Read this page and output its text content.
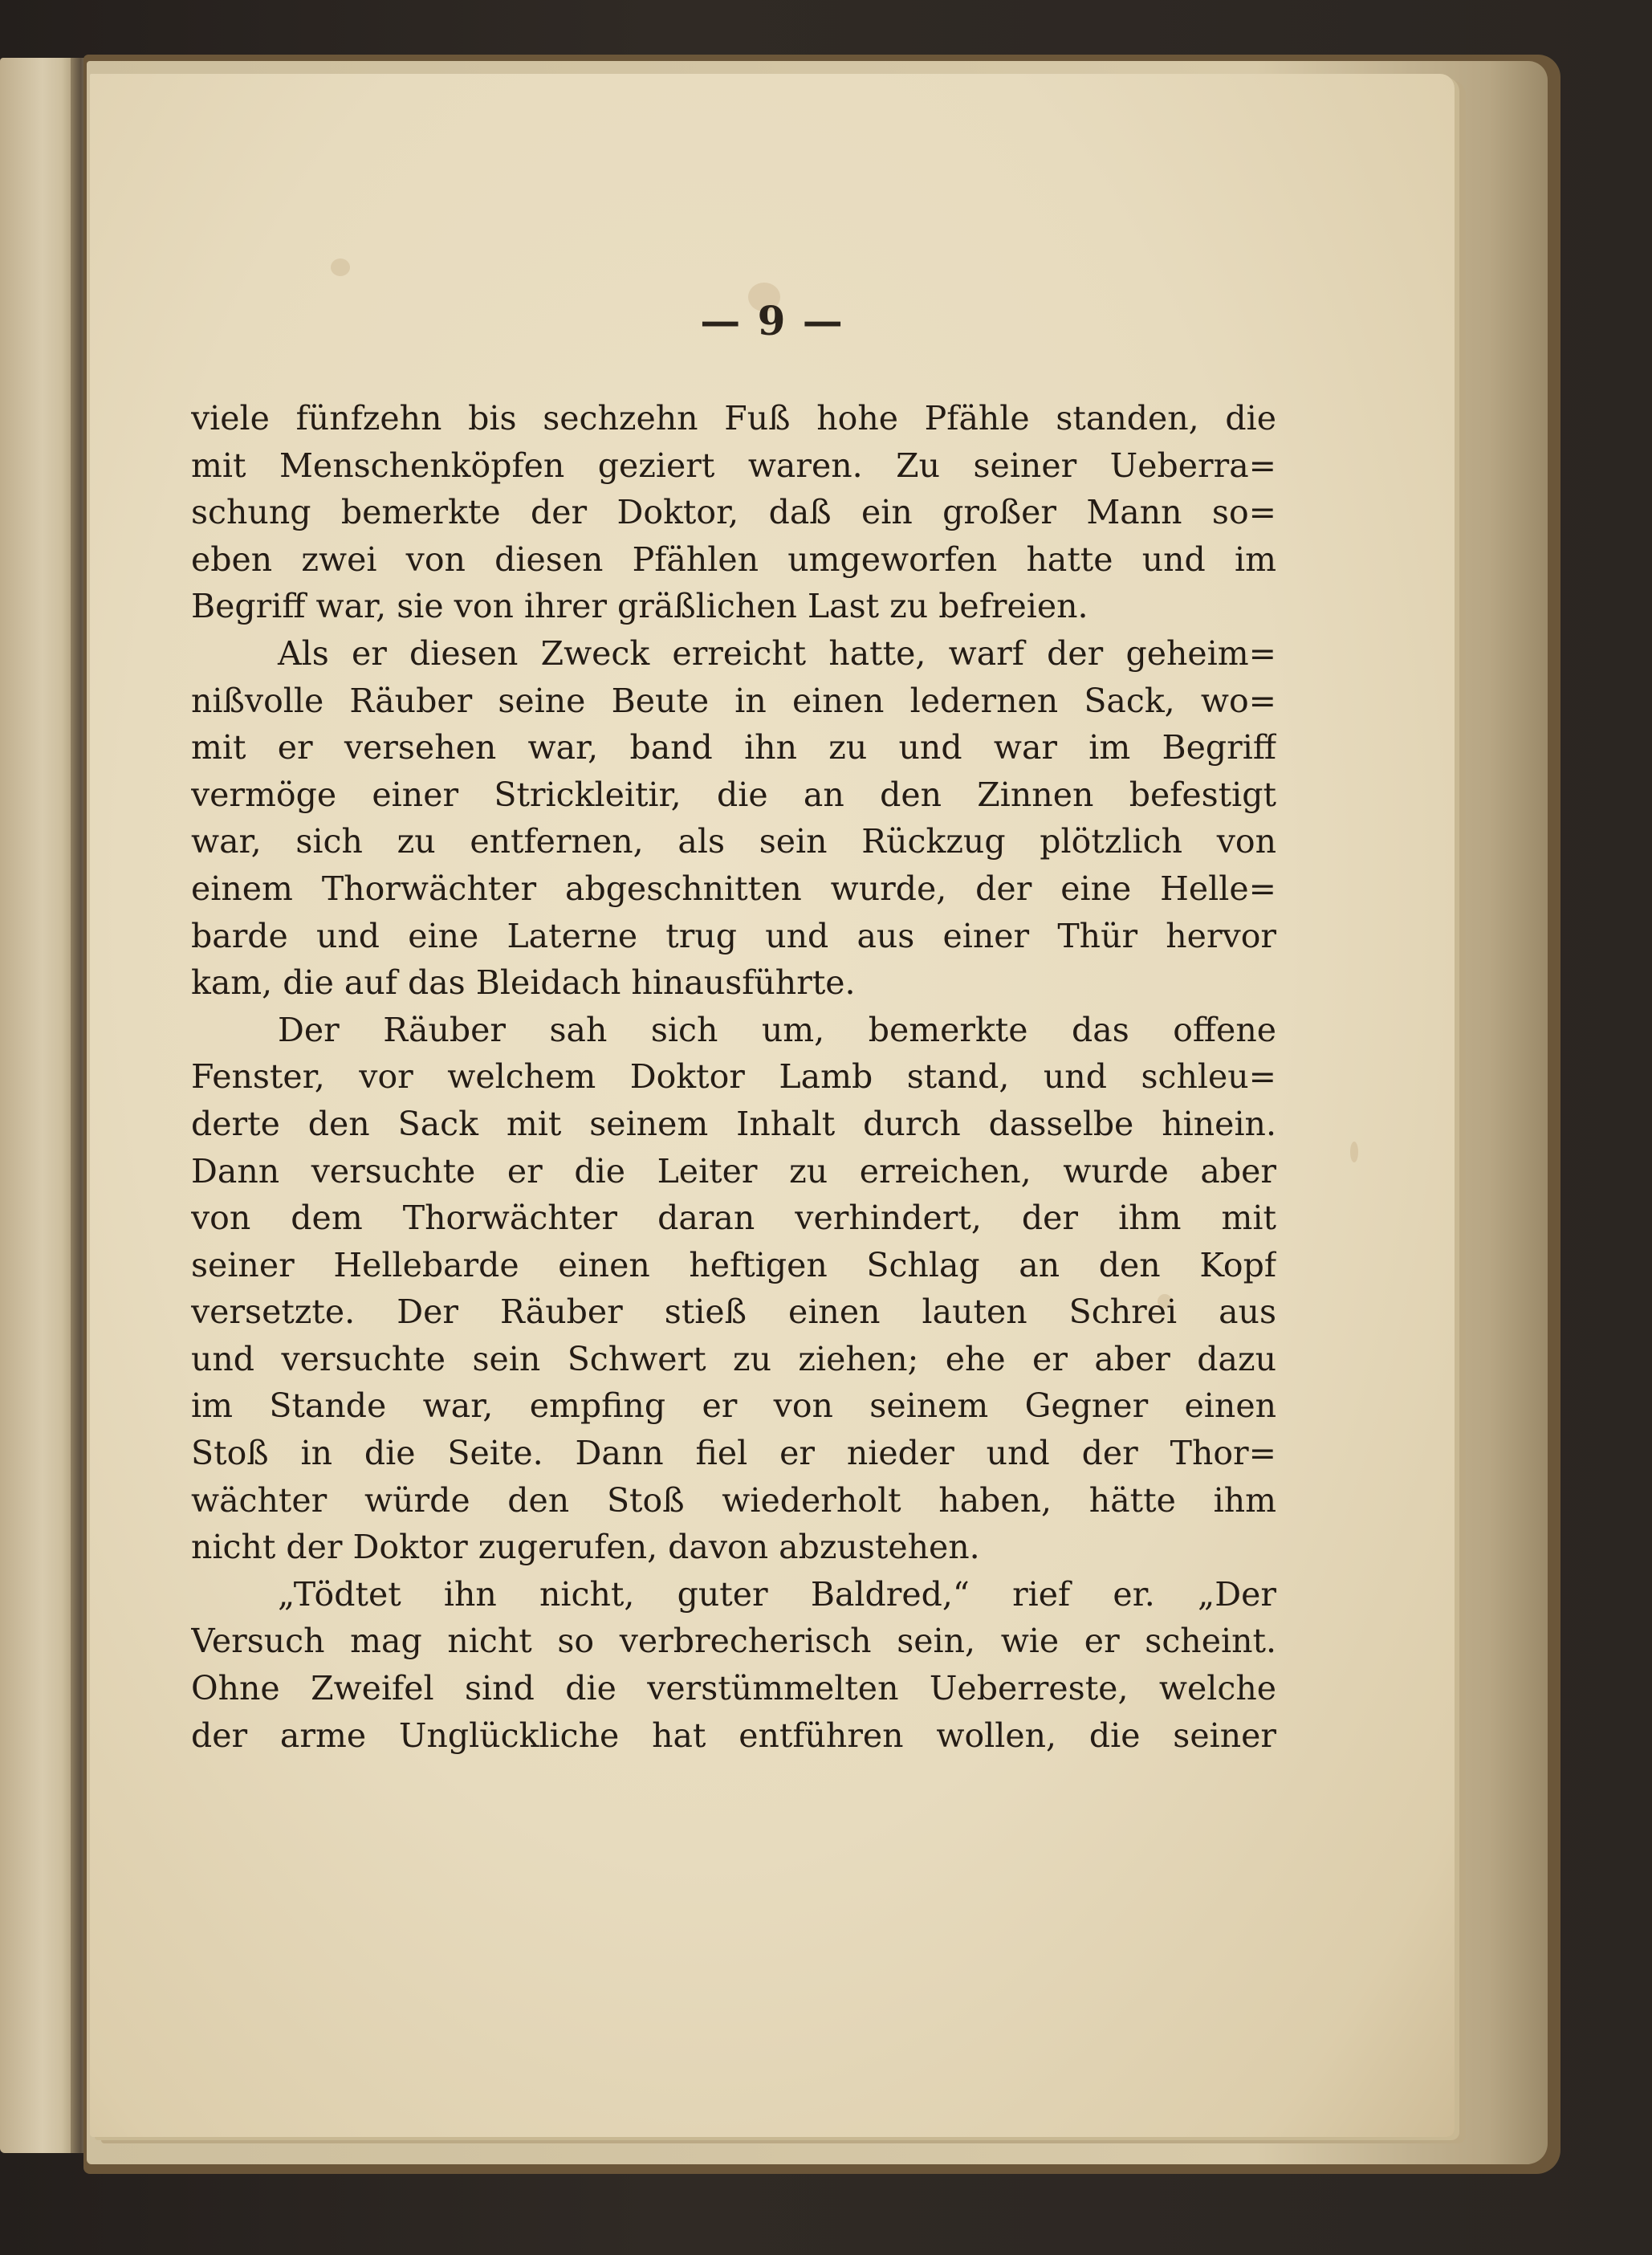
— 9 —
viele fünfzehn bis sechzehn Fuß hohe Pfähle standen, die
mit Menschenköpfen geziert waren. Zu seiner Ueberra=
schung bemerkte der Doktor, daß ein großer Mann so=
eben zwei von diesen Pfählen umgeworfen hatte und im
Begriff war, sie von ihrer gräßlichen Last zu befreien.
Als er diesen Zweck erreicht hatte, warf der geheim=
nißvolle Räuber seine Beute in einen ledernen Sack, wo=
mit er versehen war, band ihn zu und war im Begriff
vermöge einer Strickleitir, die an den Zinnen befestigt
war, sich zu entfernen, als sein Rückzug plötzlich von
einem Thorwächter abgeschnitten wurde, der eine Helle=
barde und eine Laterne trug und aus einer Thür hervor
kam, die auf das Bleidach hinausführte.
Der Räuber sah sich um, bemerkte das offene
Fenster, vor welchem Doktor Lamb stand, und schleu=
derte den Sack mit seinem Inhalt durch dasselbe hinein.
Dann versuchte er die Leiter zu erreichen, wurde aber
von dem Thorwächter daran verhindert, der ihm mit
seiner Hellebarde einen heftigen Schlag an den Kopf
versetzte. Der Räuber stieß einen lauten Schrei aus
und versuchte sein Schwert zu ziehen; ehe er aber dazu
im Stande war, empfing er von seinem Gegner einen
Stoß in die Seite. Dann fiel er nieder und der Thor=
wächter würde den Stoß wiederholt haben, hätte ihm
nicht der Doktor zugerufen, davon abzustehen.
„Tödtet ihn nicht, guter Baldred,“ rief er. „Der
Versuch mag nicht so verbrecherisch sein, wie er scheint.
Ohne Zweifel sind die verstümmelten Ueberreste, welche
der arme Unglückliche hat entführen wollen, die seiner
